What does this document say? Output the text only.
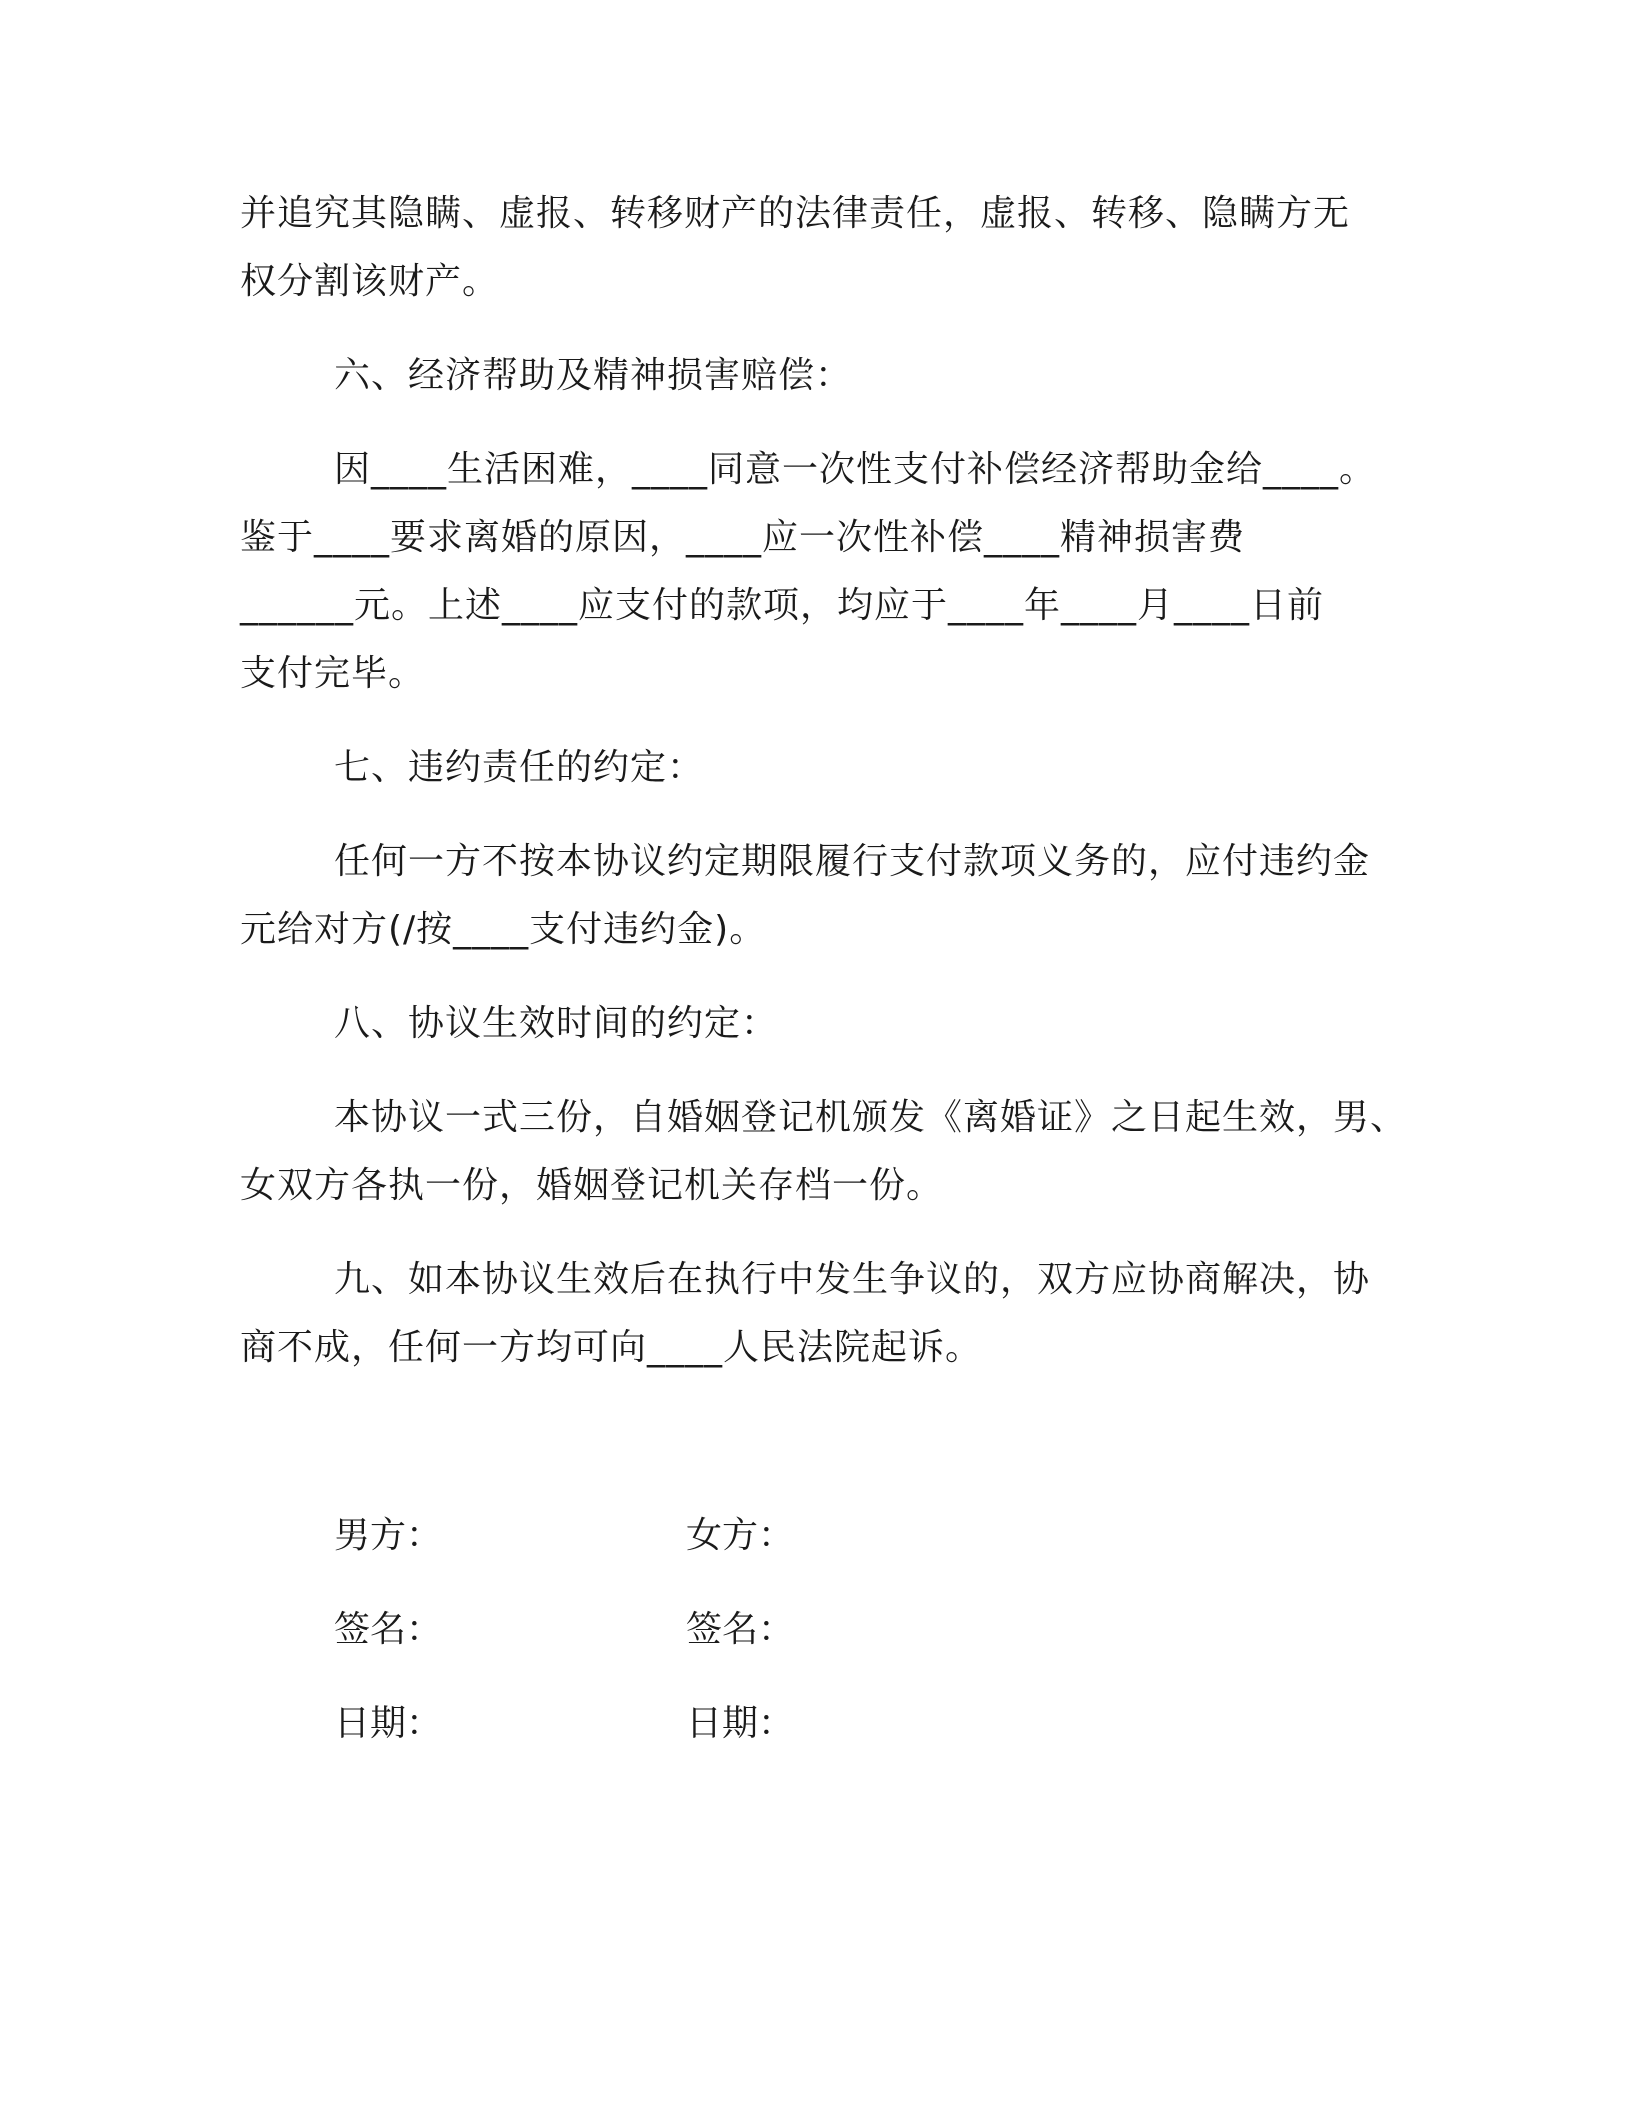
并追究其隐瞒、虚报、转移财产的法律责任，虚报、转移、隐瞒方无
权分割该财产。
六、经济帮助及精神损害赔偿：
因____生活困难，____同意一次性支付补偿经济帮助金给____。
鉴于____要求离婚的原因，____应一次性补偿____精神损害费
______元。上述____应支付的款项，均应于____年____月____日前
支付完毕。
七、违约责任的约定：
任何一方不按本协议约定期限履行支付款项义务的，应付违约金
元给对方(/按____支付违约金)。
八、协议生效时间的约定：
本协议一式三份，自婚姻登记机颁发《离婚证》之日起生效，男、
女双方各执一份，婚姻登记机关存档一份。
九、如本协议生效后在执行中发生争议的，双方应协商解决，协
商不成，任何一方均可向____人民法院起诉。
男方：	女方：
签名：	签名：
日期：	日期：
